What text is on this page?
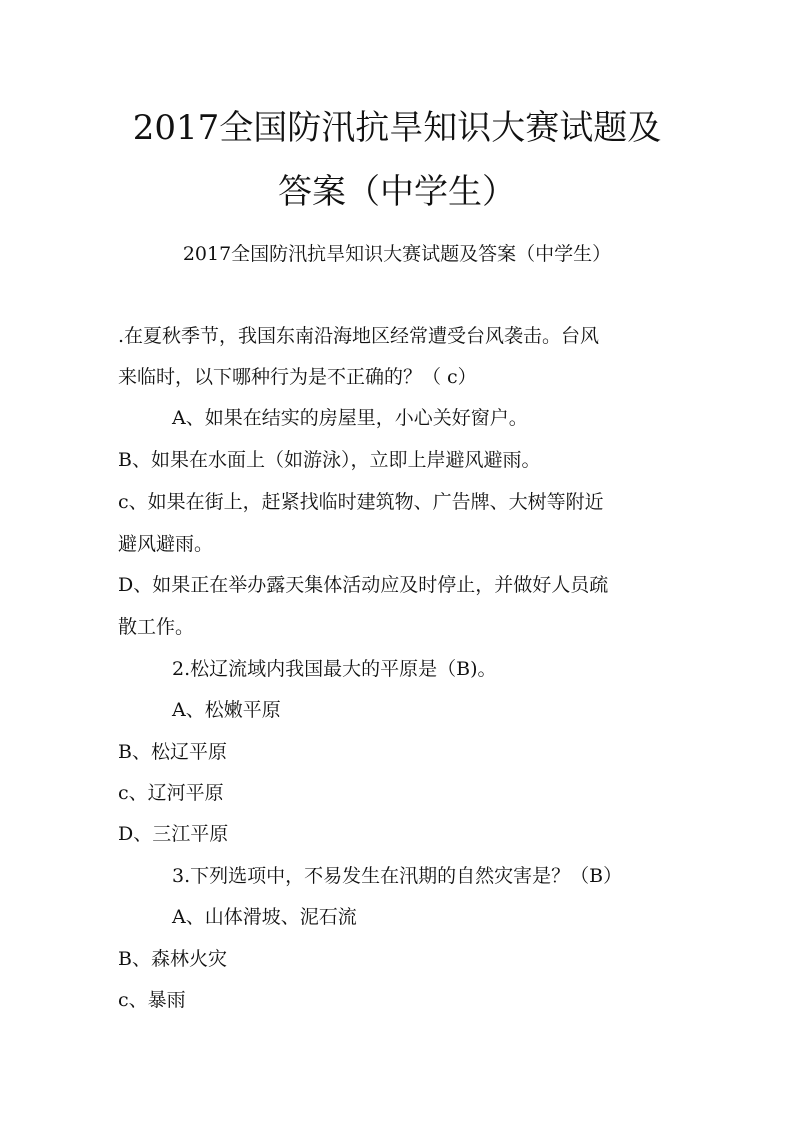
2017全国防汛抗旱知识大赛试题及
答案（中学生）
2017全国防汛抗旱知识大赛试题及答案（中学生）
.在夏秋季节，我国东南沿海地区经常遭受台风袭击。台风
来临时，以下哪种行为是不正确的？（ c）
A、如果在结实的房屋里，小心关好窗户。
B、如果在水面上（如游泳），立即上岸避风避雨。
c、如果在街上，赶紧找临时建筑物、广告牌、大树等附近
避风避雨。
D、如果正在举办露天集体活动应及时停止，并做好人员疏
散工作。
2.松辽流域内我国最大的平原是（B)。
A、松嫩平原
B、松辽平原
c、辽河平原
D、三江平原
3.下列选项中，不易发生在汛期的自然灾害是？（B）
A、山体滑坡、泥石流
B、森林火灾
c、暴雨
